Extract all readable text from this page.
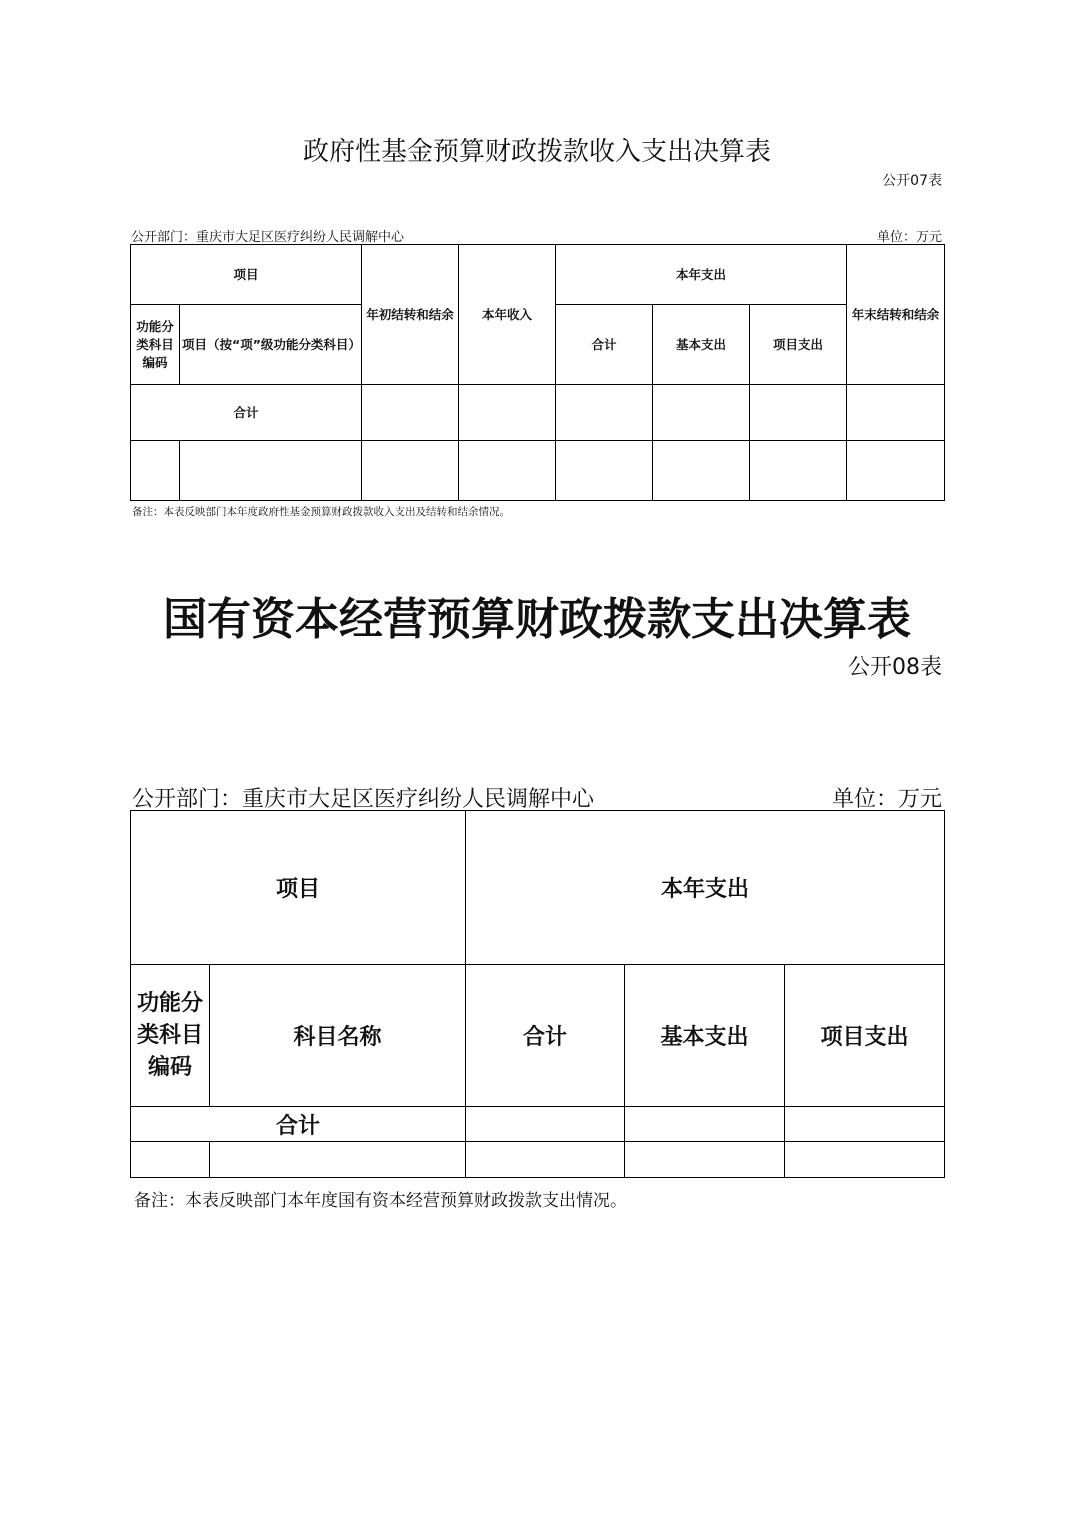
政府性基金预算财政拨款收入支出决算表
公开07表
公开部门：重庆市大足区医疗纠纷人民调解中心	单位：万元
项目		年初结转和结余	本年收入	本年支出			年末结转和结余
功能分类科目编码	项目（按“项”级功能分类科目）			合计	基本支出	项目支出	
合计							

备注：本表反映部门本年度政府性基金预算财政拨款收入支出及结转和结余情况。
国有资本经营预算财政拨款支出决算表
公开08表
公开部门：重庆市大足区医疗纠纷人民调解中心	单位：万元
项目		本年支出		
功能分类科目编码	科目名称	合计	基本支出	项目支出
合计				

备注：本表反映部门本年度国有资本经营预算财政拨款支出情况。
